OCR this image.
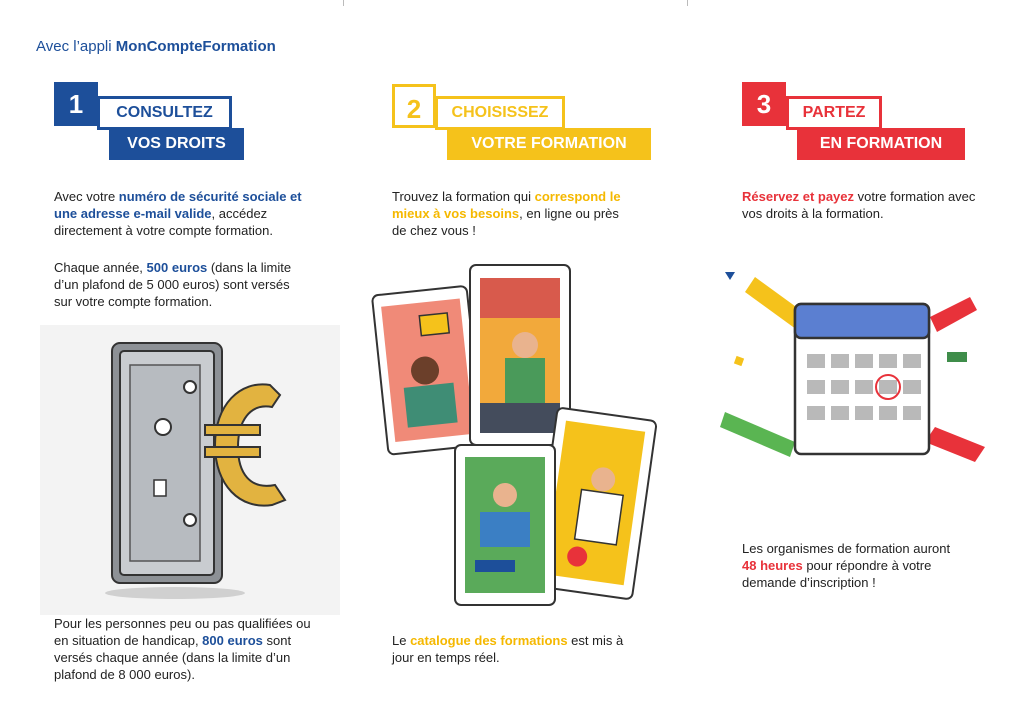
Avec l’appli MonCompteFormation
1	CONSULTEZ
VOS DROITS
Avec votre numéro de sécurité sociale et une adresse e-mail valide, accédez directement à votre compte formation.
Chaque année, 500 euros (dans la limite d’un plafond de 5 000 euros) sont versés sur votre compte formation.
Pour les personnes peu ou pas qualifiées ou en situation de handicap, 800 euros sont versés chaque année (dans la limite d’un plafond de 8 000 euros).
2	CHOISISSEZ
VOTRE FORMATION
Trouvez la formation qui correspond le mieux à vos besoins, en ligne ou près de chez vous !
Le catalogue des formations est mis à jour en temps réel.
3	PARTEZ
EN FORMATION
Réservez et payez votre formation avec vos droits à la formation.
Les organismes de formation auront 48 heures pour répondre à votre demande d’inscription !
